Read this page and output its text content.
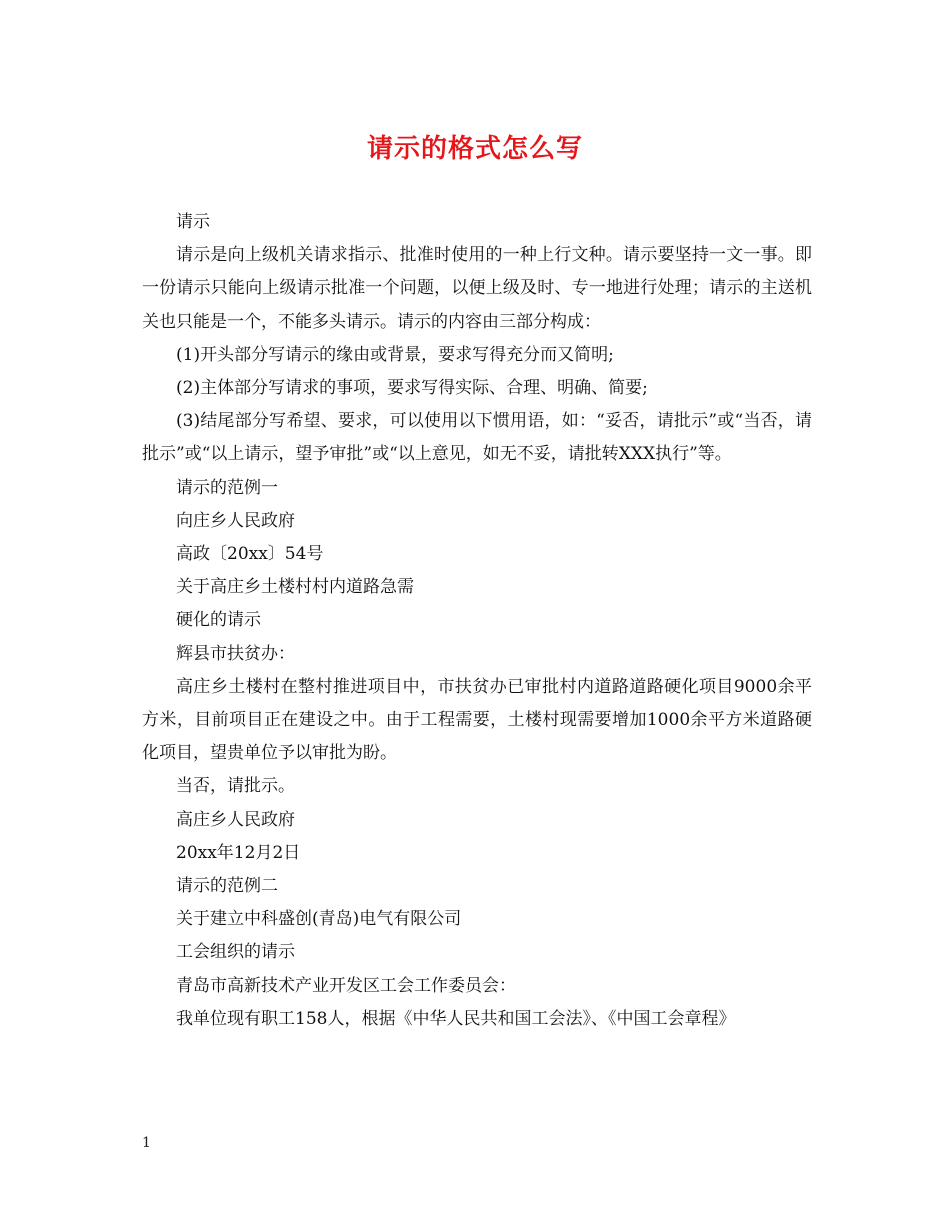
请示的格式怎么写

请示

请示是向上级机关请求指示、批准时使用的一种上行文种。请示要坚持一文一事。即一份请示只能向上级请示批准一个问题，以便上级及时、专一地进行处理；请示的主送机关也只能是一个，不能多头请示。请示的内容由三部分构成：

(1)开头部分写请示的缘由或背景，要求写得充分而又简明;

(2)主体部分写请求的事项，要求写得实际、合理、明确、简要;

(3)结尾部分写希望、要求，可以使用以下惯用语，如：“妥否，请批示”或“当否，请批示”或“以上请示，望予审批”或“以上意见，如无不妥，请批转XXX执行”等。

请示的范例一

向庄乡人民政府

高政〔20xx〕54号

关于高庄乡土楼村村内道路急需

硬化的请示

辉县市扶贫办：

高庄乡土楼村在整村推进项目中，市扶贫办已审批村内道路道路硬化项目9000余平方米，目前项目正在建设之中。由于工程需要，土楼村现需要增加1000余平方米道路硬化项目，望贵单位予以审批为盼。

当否，请批示。

高庄乡人民政府

20xx年12月2日

请示的范例二

关于建立中科盛创(青岛)电气有限公司

工会组织的请示

青岛市高新技术产业开发区工会工作委员会：

我单位现有职工158人，根据《中华人民共和国工会法》、《中国工会章程》

1
